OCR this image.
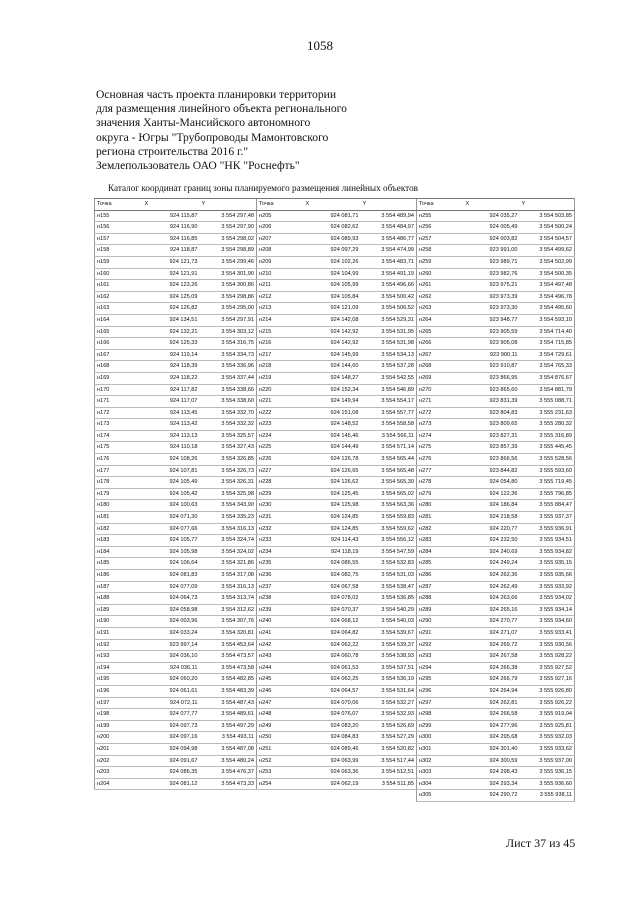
1058
Основная часть проекта планировки территории
для размещения линейного объекта регионального
значения Ханты-Мансийского автономного
округа - Югры "Трубопроводы Мамонтовского
региона строительства 2016 г."
Землепользователь ОАО "НК "Роснефть"
Каталог координат границ зоны планируемого размещения линейных объектов
Точка	X	Y
н155	924 115,87	3 554 297,48
н156	924 116,90	3 554 297,90
н157	924 116,85	3 554 298,02
н158	924 118,87	3 554 298,89
н159	924 121,73	3 554 299,46
н160	924 121,91	3 554 301,90
н161	924 123,26	3 554 300,86
н162	924 125,09	3 554 298,86
н163	924 126,82	3 554 295,00
н164	924 134,51	3 554 297,91
н165	924 132,21	3 554 303,12
н166	924 125,33	3 554 316,75
н167	924 119,14	3 554 334,73
н168	924 118,39	3 554 336,96
н169	924 118,22	3 554 337,44
н170	924 117,82	3 554 338,66
н171	924 117,07	3 554 338,60
н172	924 113,45	3 554 332,70
н173	924 113,42	3 554 332,32
н174	924 113,13	3 554 325,57
н175	924 110,18	3 554 327,43
н176	924 108,26	3 554 326,85
н177	924 107,81	3 554 326,73
н178	924 105,49	3 554 326,31
н179	924 105,42	3 554 325,98
н180	924 100,63	3 554 343,90
н181	924 071,30	3 554 335,23
н182	924 077,66	3 554 316,13
н183	924 105,77	3 554 324,74
н184	924 105,98	3 554 324,02
н185	924 106,64	3 554 321,86
н186	924 081,83	3 554 317,08
н187	924 077,09	3 554 316,13
н188	924 064,73	3 554 313,74
н189	924 058,98	3 554 312,62
н190	924 003,96	3 554 307,76
н191	924 033,24	3 554 320,81
н192	923 997,14	3 554 453,64
н193	924 036,10	3 554 473,57
н194	924 036,11	3 554 473,58
н195	924 060,20	3 554 482,85
н196	924 061,61	3 554 483,39
н197	924 072,11	3 554 487,43
н198	924 077,77	3 554 489,61
н199	924 097,73	3 554 497,29
н200	924 097,16	3 554 493,11
н201	924 094,98	3 554 487,08
н202	924 091,67	3 554 480,24
н203	924 086,35	3 554 476,37
н204	924 081,12	3 554 473,33
Точка	X	Y
н205	924 081,71	3 554 489,94
н206	924 082,62	3 554 484,97
н207	924 089,93	3 554 486,77
н208	924 097,29	3 554 474,99
н209	924 102,26	3 554 483,71
н210	924 104,99	3 554 491,19
н211	924 105,99	3 554 496,66
н212	924 105,84	3 554 500,42
н213	924 121,09	3 554 506,52
н214	924 142,08	3 554 529,31
н215	924 142,92	3 554 531,95
н216	924 142,92	3 554 531,98
н217	924 145,99	3 554 534,13
н218	924 144,60	3 554 537,28
н219	924 148,27	3 554 542,55
н220	924 152,34	3 554 546,89
н221	924 149,94	3 554 554,17
н222	924 151,08	3 554 557,77
н223	924 148,52	3 554 558,58
н224	924 145,46	3 554 566,11
н225	924 144,49	3 554 571,14
н226	924 126,78	3 554 565,44
н227	924 126,65	3 554 565,48
н228	924 126,62	3 554 565,30
н229	924 125,45	3 554 565,02
н230	924 125,98	3 554 563,36
н231	924 124,85	3 554 559,83
н232	924 124,85	3 554 559,62
н233	924 114,43	3 554 556,12
н234	924 118,19	3 554 547,59
н235	924 086,55	3 554 532,83
н236	924 082,75	3 554 531,03
н237	924 067,58	3 554 538,47
н238	924 078,02	3 554 536,85
н239	924 070,37	3 554 540,29
н240	924 068,12	3 554 540,03
н241	924 064,82	3 554 539,67
н242	924 062,22	3 554 539,37
н243	924 060,78	3 554 538,93
н244	924 061,53	3 554 537,51
н245	924 062,25	3 554 536,19
н246	924 064,57	3 554 531,64
н247	924 070,06	3 554 532,27
н248	924 076,07	3 554 532,93
н249	924 083,20	3 554 526,69
н250	924 084,83	3 554 527,29
н251	924 089,46	3 554 520,82
н252	924 063,99	3 554 517,44
н253	924 063,36	3 554 512,51
н254	924 062,19	3 554 511,85
Точка	X	Y
н255	924 035,27	3 554 503,85
н256	924 005,49	3 554 500,24
н257	924 003,82	3 554 504,57
н258	923 991,00	3 554 499,62
н259	923 989,71	3 554 502,99
н260	923 982,76	3 554 500,35
н261	923 975,21	3 554 497,48
н262	923 973,39	3 554 496,78
н263	923 973,30	3 554 495,60
н264	923 948,77	3 554 593,10
н265	923 905,59	3 554 714,40
н266	923 905,08	3 554 715,85
н267	923 900,11	3 554 729,61
н268	923 910,87	3 554 765,33
н269	923 866,95	3 554 876,67
н270	923 865,60	3 554 881,79
н271	923 831,39	3 555 088,71
н272	923 804,83	3 555 231,63
н273	923 809,65	3 555 280,32
н274	923 827,31	3 555 316,89
н275	923 857,39	3 555 445,45
н276	923 866,56	3 555 528,56
н277	923 844,82	3 555 593,60
н278	924 054,80	3 555 719,45
н279	924 122,36	3 555 796,85
н280	924 186,84	3 555 884,47
н281	924 218,58	3 555 937,37
н282	924 220,77	3 555 936,91
н283	924 232,50	3 555 934,51
н284	924 240,69	3 555 934,82
н285	924 249,24	3 555 935,15
н286	924 262,36	3 555 935,66
н287	924 262,49	3 555 933,92
н288	924 263,66	3 555 934,02
н289	924 265,16	3 555 934,14
н290	924 270,77	3 555 934,60
н291	924 271,07	3 555 933,41
н292	924 269,72	3 555 930,56
н293	924 267,58	3 555 928,22
н294	924 266,38	3 555 927,52
н295	924 266,79	3 555 927,16
н296	924 264,94	3 555 926,80
н297	924 262,81	3 555 926,22
н298	924 266,58	3 555 919,04
н299	924 277,96	3 555 925,81
н300	924 295,68	3 555 932,03
н301	924 301,40	3 555 933,62
н302	924 300,59	3 555 937,00
н303	924 298,43	3 555 936,15
н304	924 293,34	3 555 936,60
н305	924 290,72	3 555 938,11
Лист 37 из 45
